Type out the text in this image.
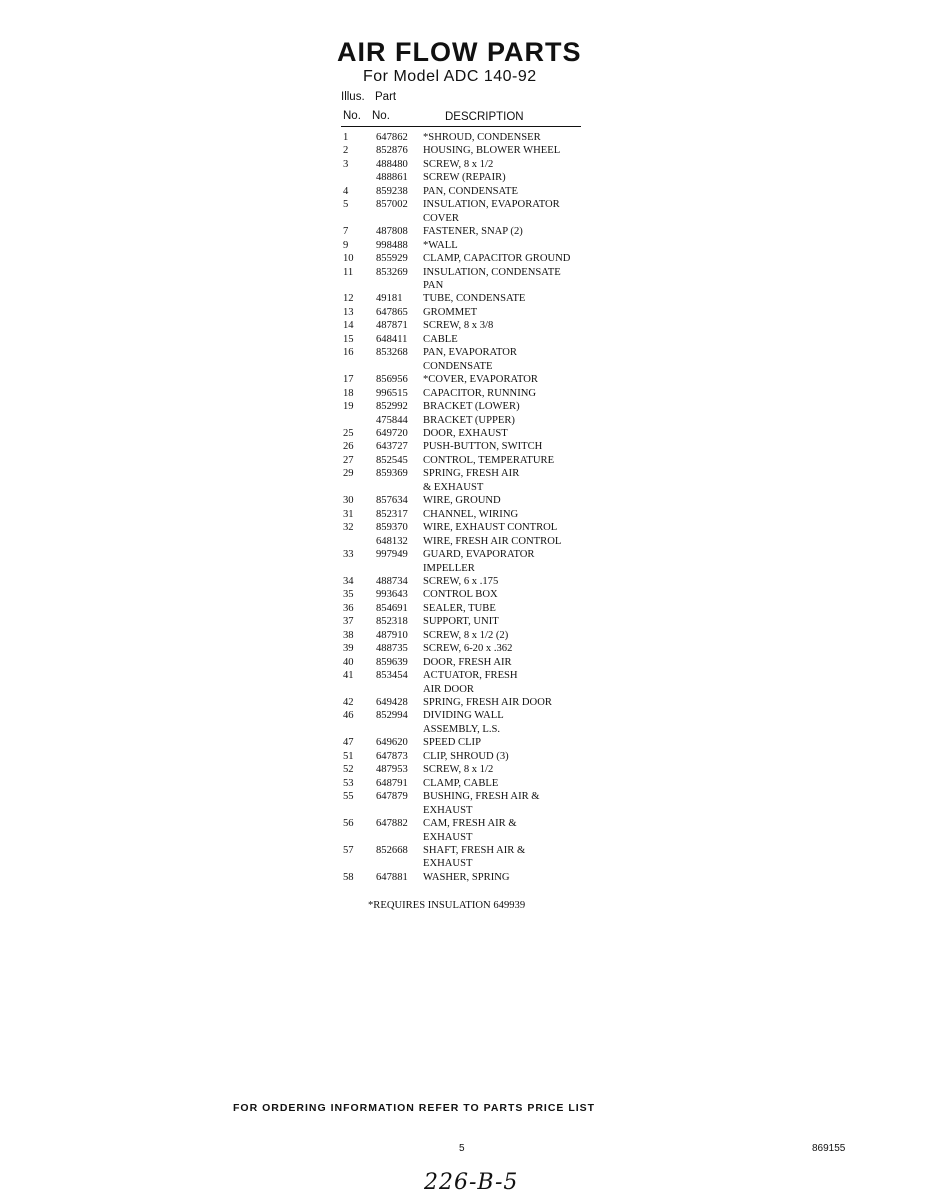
AIR FLOW PARTS
For Model ADC 140-92
Illus. Part
No. No.	DESCRIPTION
1	647862 *SHROUD, CONDENSER
2	852876 HOUSING, BLOWER WHEEL
3	488480 SCREW, 8 x 1/2
488861 SCREW (REPAIR)
4	859238 PAN, CONDENSATE
5	857002 INSULATION, EVAPORATOR
COVER
7	487808 FASTENER, SNAP (2)
9	998488 *WALL
10	855929 CLAMP, CAPACITOR GROUND
11	853269 INSULATION, CONDENSATE
PAN
12	49181 TUBE, CONDENSATE
13	647865 GROMMET
14	487871 SCREW, 8 x 3/8
15	648411 CABLE
16	853268 PAN, EVAPORATOR
CONDENSATE
17	856956 *COVER, EVAPORATOR
18	996515 CAPACITOR, RUNNING
19	852992 BRACKET (LOWER)
475844 BRACKET (UPPER)
25	649720 DOOR, EXHAUST
26	643727 PUSH-BUTTON, SWITCH
27	852545 CONTROL, TEMPERATURE
29	859369 SPRING, FRESH AIR
& EXHAUST
30	857634 WIRE, GROUND
31	852317 CHANNEL, WIRING
32	859370 WIRE, EXHAUST CONTROL
648132 WIRE, FRESH AIR CONTROL
33	997949 GUARD, EVAPORATOR
IMPELLER
34	488734 SCREW, 6 x .175
35	993643 CONTROL BOX
36	854691 SEALER, TUBE
37	852318 SUPPORT, UNIT
38	487910 SCREW, 8 x 1/2 (2)
39	488735 SCREW, 6-20 x .362
40	859639 DOOR, FRESH AIR
41	853454 ACTUATOR, FRESH
AIR DOOR
42	649428 SPRING, FRESH AIR DOOR
46	852994 DIVIDING WALL
ASSEMBLY, L.S.
47	649620 SPEED CLIP
51	647873 CLIP, SHROUD (3)
52	487953 SCREW, 8 x 1/2
53	648791 CLAMP, CABLE
55	647879 BUSHING, FRESH AIR &
EXHAUST
56	647882 CAM, FRESH AIR &
EXHAUST
57	852668 SHAFT, FRESH AIR &
EXHAUST
58	647881 WASHER, SPRING
*REQUIRES INSULATION 649939
FOR ORDERING INFORMATION REFER TO PARTS PRICE LIST
5	869155
226-B-5
